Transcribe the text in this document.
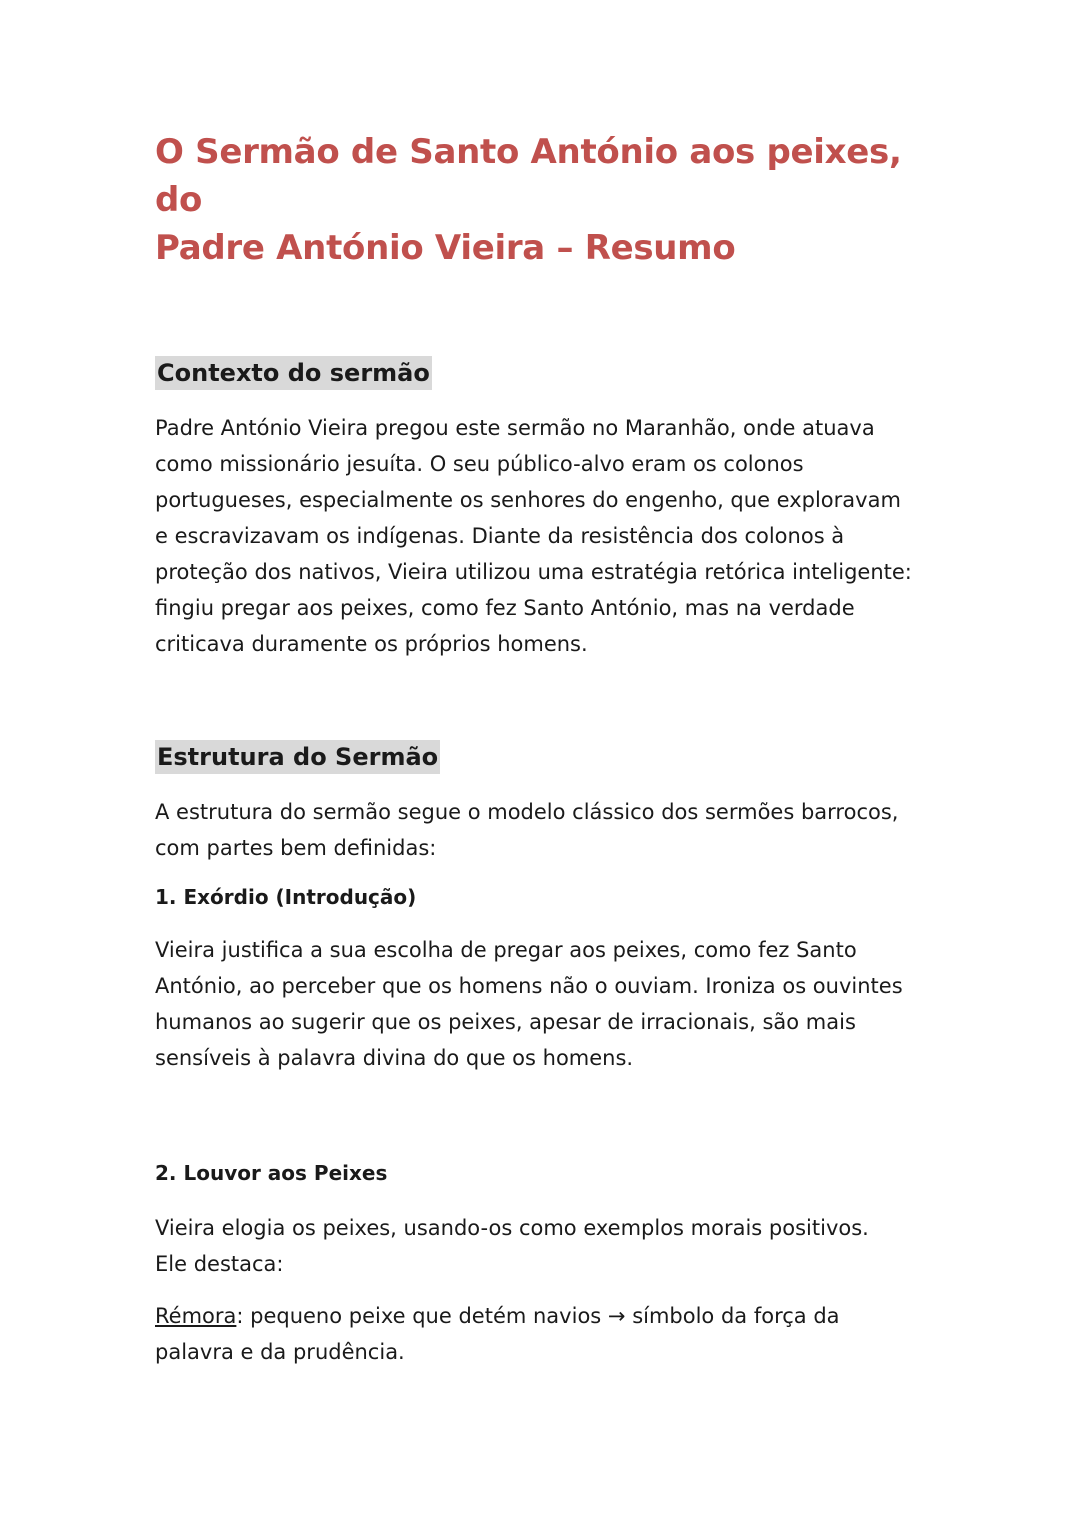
O Sermão de Santo António aos peixes, do
Padre António Vieira – Resumo
Contexto do sermão

Padre António Vieira pregou este sermão no Maranhão, onde atuava como missionário jesuíta. O seu público-alvo eram os colonos portugueses, especialmente os senhores do engenho, que exploravam e escravizavam os indígenas. Diante da resistência dos colonos à proteção dos nativos, Vieira utilizou uma estratégia retórica inteligente: fingiu pregar aos peixes, como fez Santo António, mas na verdade criticava duramente os próprios homens.

Estrutura do Sermão

A estrutura do sermão segue o modelo clássico dos sermões barrocos, com partes bem definidas:

1. Exórdio (Introdução)

Vieira justifica a sua escolha de pregar aos peixes, como fez Santo António, ao perceber que os homens não o ouviam. Ironiza os ouvintes humanos ao sugerir que os peixes, apesar de irracionais, são mais sensíveis à palavra divina do que os homens.

2. Louvor aos Peixes

Vieira elogia os peixes, usando-os como exemplos morais positivos. Ele destaca:

Rémora: pequeno peixe que detém navios → símbolo da força da palavra e da prudência.
